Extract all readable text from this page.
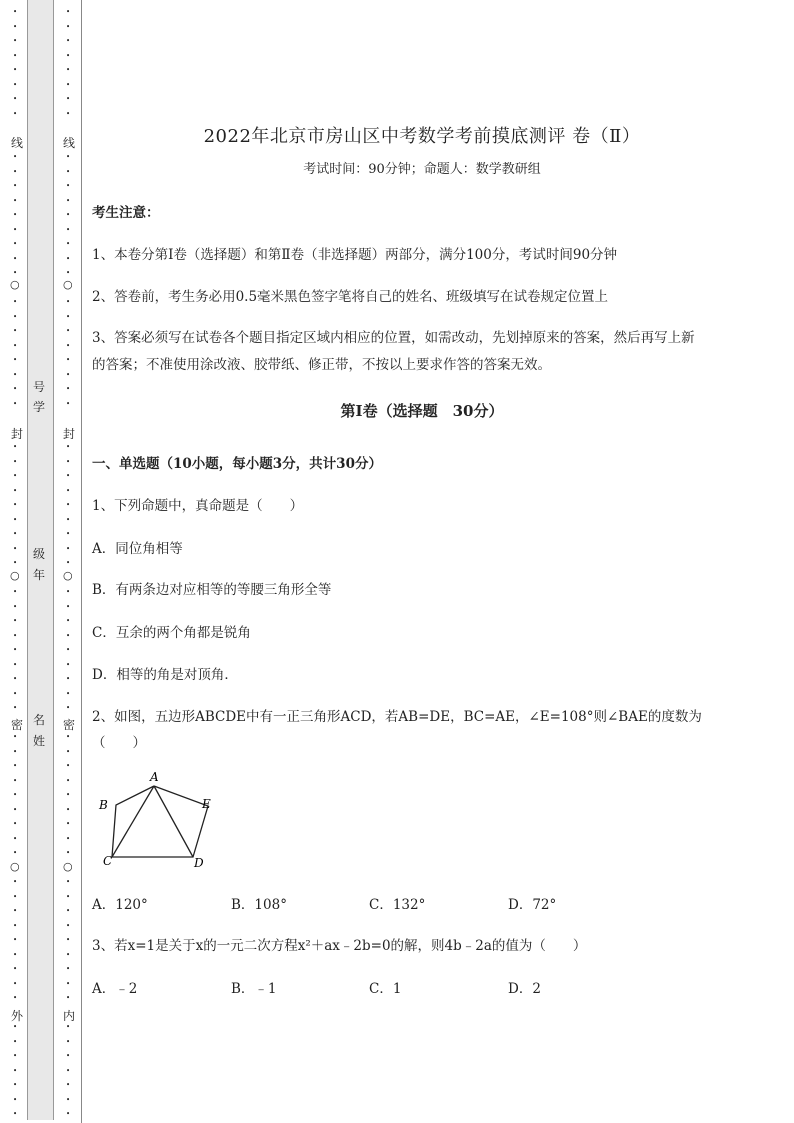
号
学
级
年
名
姓
线
封
密
外
线
封
密
内
2022年北京市房山区中考数学考前摸底测评 卷（Ⅱ）
考试时间：90分钟；命题人：数学教研组
考生注意：
1、本卷分第Ⅰ卷（选择题）和第Ⅱ卷（非选择题）两部分，满分100分，考试时间90分钟
2、答卷前，考生务必用0.5毫米黑色签字笔将自己的姓名、班级填写在试卷规定位置上
3、答案必须写在试卷各个题目指定区域内相应的位置，如需改动，先划掉原来的答案，然后再写上新
的答案；不准使用涂改液、胶带纸、修正带，不按以上要求作答的答案无效。
第Ⅰ卷（选择题　30分）
一、单选题（10小题，每小题3分，共计30分）
1、下列命题中，真命题是（　　）
A．同位角相等
B．有两条边对应相等的等腰三角形全等
C．互余的两个角都是锐角
D．相等的角是对顶角．
2、如图，五边形ABCDE中有一正三角形ACD，若AB=DE，BC=AE，∠E=108°则∠BAE的度数为
（　　）
A
B
C	D
E
A．120°	B．108°	C．132°	D．72°
3、若x=1是关于x的一元二次方程x²＋ax﹣2b=0的解，则4b﹣2a的值为（　　）
A．﹣2	B．﹣1	C．1	D．2
•
•
•
•
•
•
•
•
•
•
•
•
•
•
•
•
•
•
•
•
•
•
•
•
•
•
•
•
•
•
•
•
•
•
•
•
•
•
•
•
•
•
•
•
•
•
•
•
•
•
•
•
•
•
•
•
•
•
•
•
•
•
•
•
•
•
•
•
○
○
○
•
•
•
•
•
•
•
•
•
•
•
•
•
•
•
•
•
•
•
•
•
•
•
•
•
•
•
•
•
•
•
•
•
•
•
•
•
•
•
•
•
•
•
•
•
•
•
•
•
•
•
•
•
•
•
•
•
•
•
•
•
•
•
•
•
•
•
•
○
○
○
